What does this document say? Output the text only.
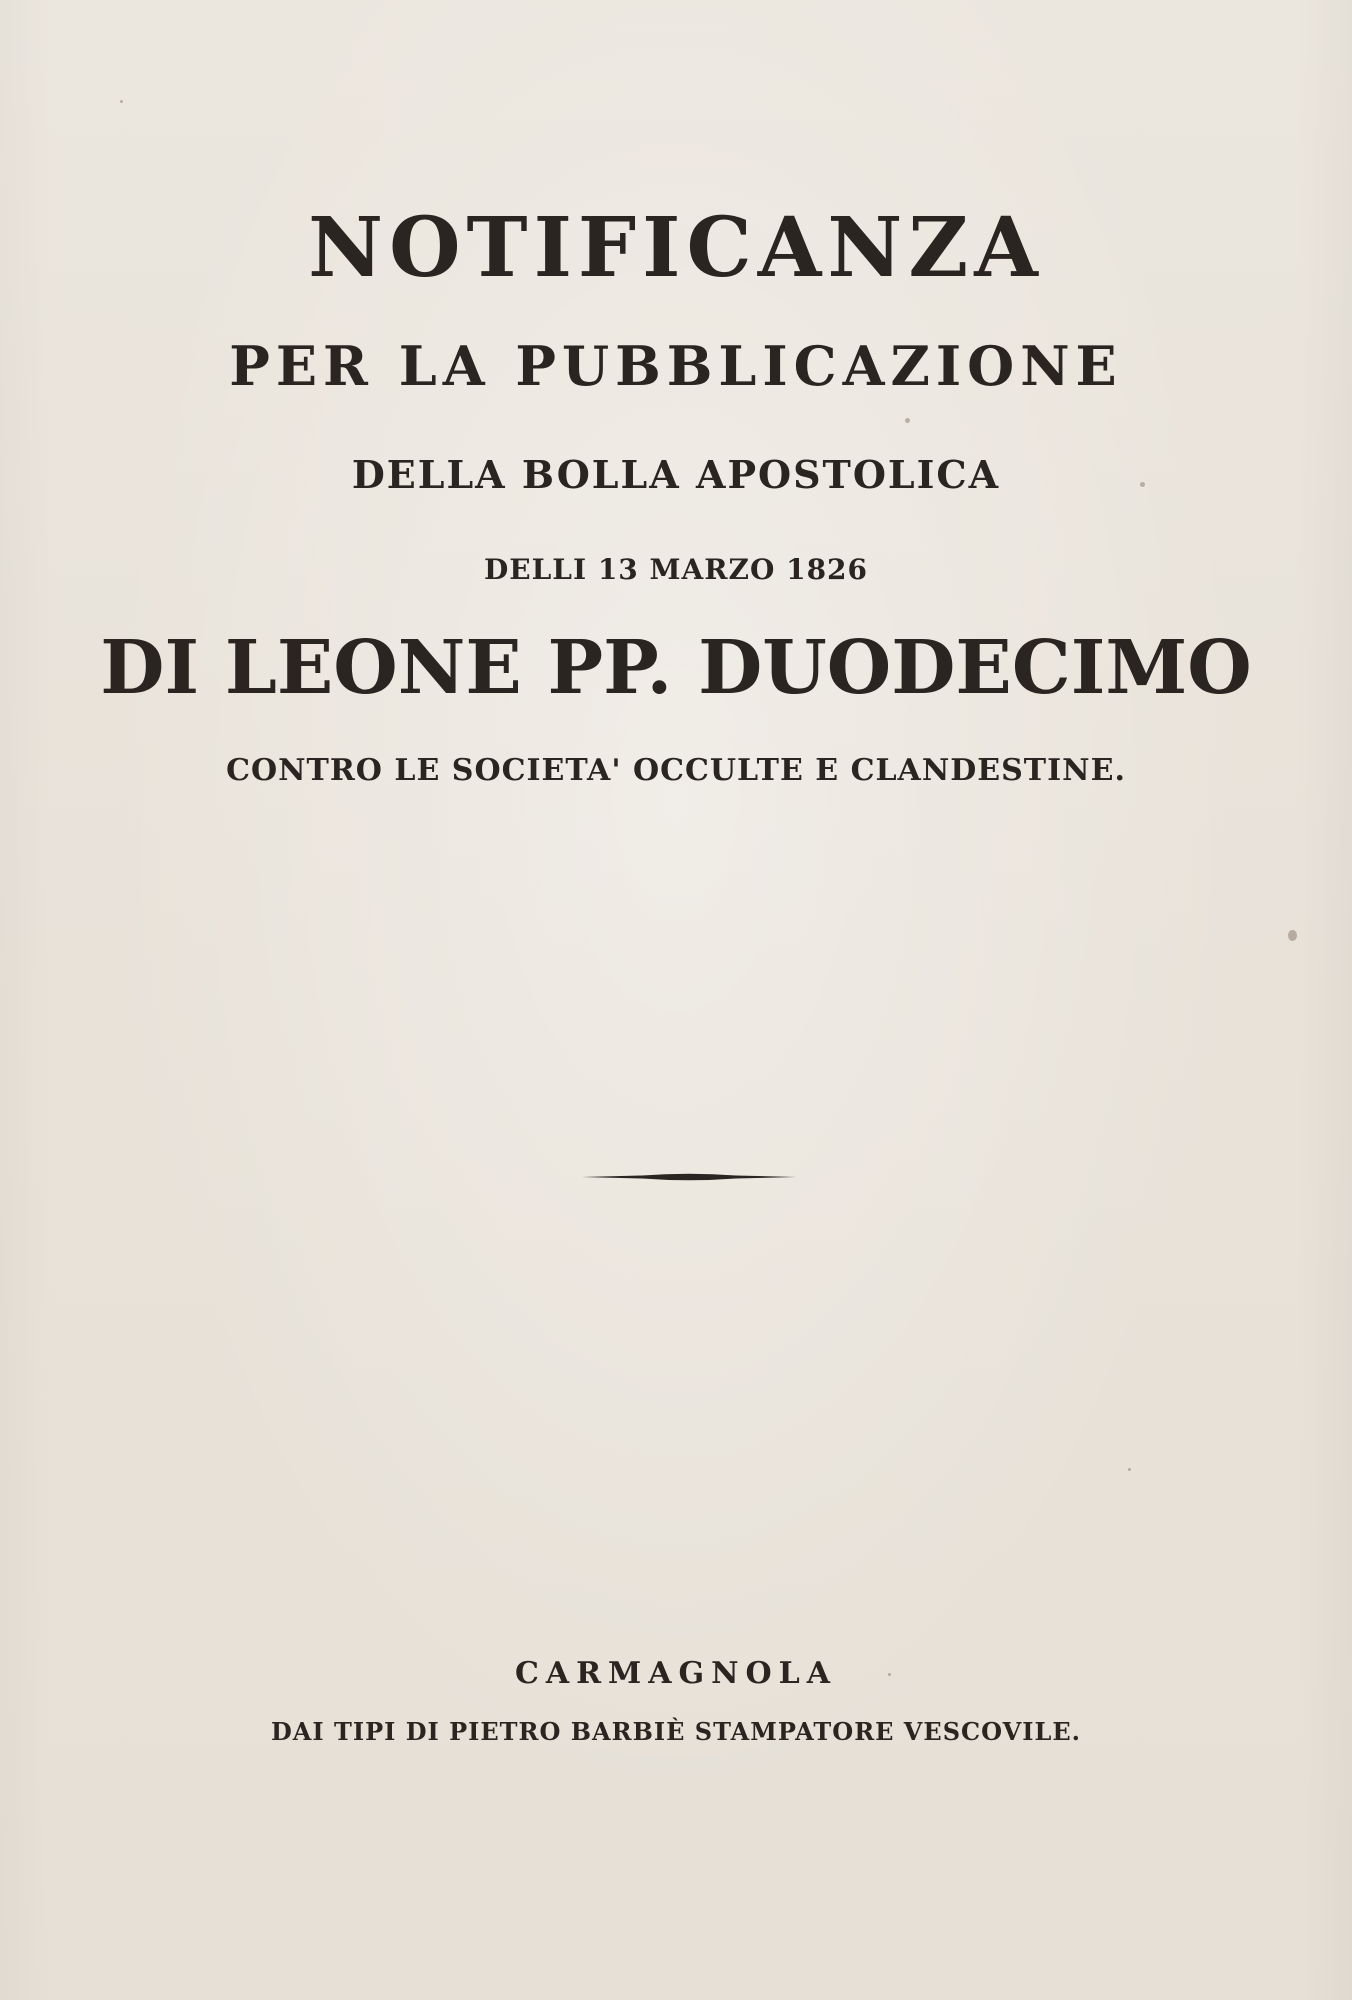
NOTIFICANZA
PER LA PUBBLICAZIONE
DELLA BOLLA APOSTOLICA
DELLI 13 MARZO 1826
DI LEONE PP. DUODECIMO
CONTRO LE SOCIETA' OCCULTE E CLANDESTINE.
CARMAGNOLA
DAI TIPI DI PIETRO BARBIÈ STAMPATORE VESCOVILE.
